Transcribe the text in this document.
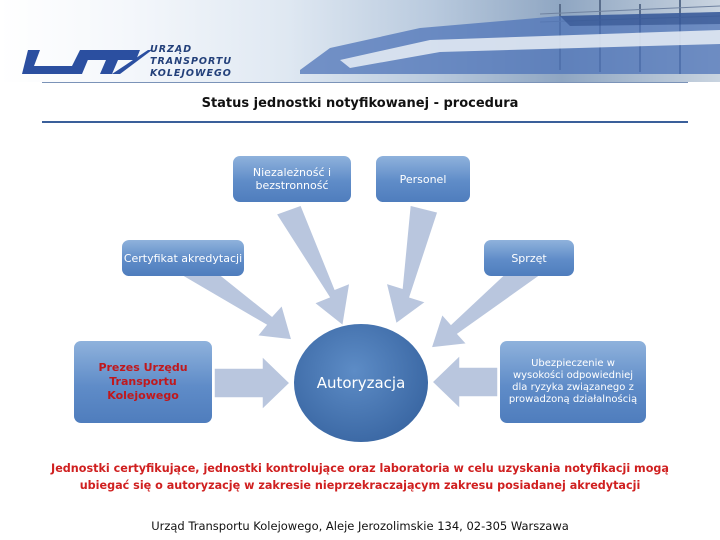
URZĄD
TRANSPORTU
KOLEJOWEGO
Status jednostki notyfikowanej - procedura
Niezależność i bezstronność	Personel
Certyfikat akredytacji	Sprzęt
Prezes Urzędu Transportu Kolejowego
Autoryzacja
Ubezpieczenie w wysokości odpowiedniej dla ryzyka związanego z prowadzoną działalnością
Jednostki certyfikujące, jednostki kontrolujące oraz laboratoria w celu uzyskania notyfikacji mogą ubiegać się o autoryzację w zakresie nieprzekraczającym zakresu posiadanej akredytacji
Urząd Transportu Kolejowego, Aleje Jerozolimskie 134, 02-305 Warszawa
